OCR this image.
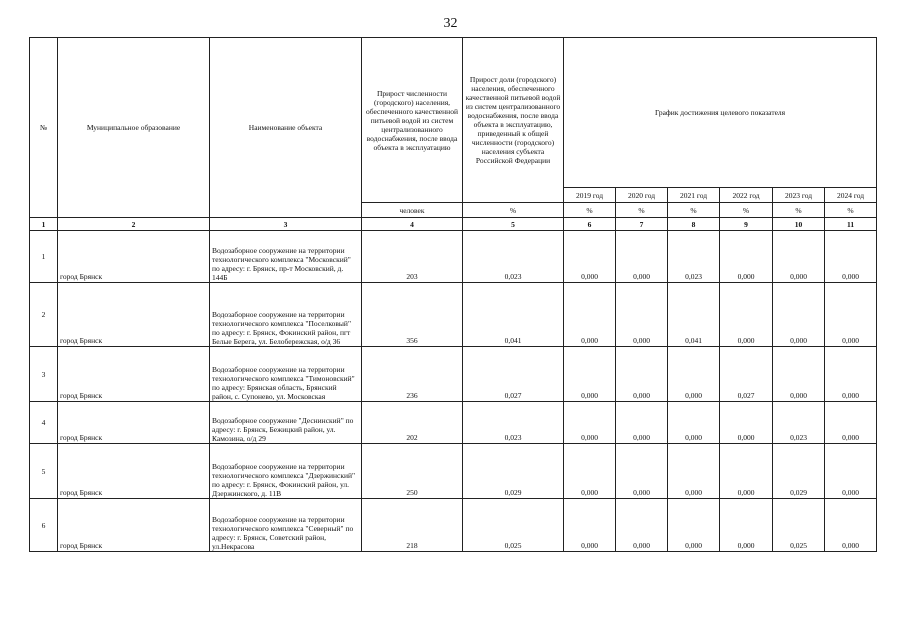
32
№	Муниципальное образование	Наименование объекта	Прирост численности (городского) населения, обеспеченного качественной питьевой водой из систем централизованного водоснабжения, после ввода объекта в эксплуатацию	Прирост доли (городского) населения, обеспеченного качественной питьевой водой из систем централизованного водоснабжения, после ввода объекта в эксплуатацию, приведенный к общей численности (городского) населения субъекта Российской Федерации	График достижения целевого показателя					
					2019 год	2020 год	2021 год	2022 год	2023 год	2024 год
			человек	%	%	%	%	%	%	%
1	2	3	4	5	6	7	8	9	10	11
1	город Брянск	Водозаборное сооружение на территории технологического комплекса "Московский" по адресу: г. Брянск, пр-т Московский, д. 144Б	203	0,023	0,000	0,000	0,023	0,000	0,000	0,000
2	город Брянск	Водозаборное сооружение на территории технологического комплекса "Поселковый" по адресу: г. Брянск, Фокинский район, пгт Белые Берега, ул. Белобережская, о/д 36	356	0,041	0,000	0,000	0,041	0,000	0,000	0,000
3	город Брянск	Водозаборное сооружение на территории технологического комплекса "Тимоновский" по адресу: Брянская область, Брянский район, с. Супонево, ул. Московская	236	0,027	0,000	0,000	0,000	0,027	0,000	0,000
4	город Брянск	Водозаборное сооружение "Деснинский" по адресу: г. Брянск, Бежицкий район, ул. Камозина, о/д 29	202	0,023	0,000	0,000	0,000	0,000	0,023	0,000
5	город Брянск	Водозаборное сооружение на территории технологического комплекса "Дзержинский" по адресу: г. Брянск, Фокинский район, ул. Дзержинского, д. 11В	250	0,029	0,000	0,000	0,000	0,000	0,029	0,000
6	город Брянск	Водозаборное сооружение на территории технологического комплекса "Северный" по адресу: г. Брянск, Советский район, ул.Некрасова	218	0,025	0,000	0,000	0,000	0,000	0,025	0,000
